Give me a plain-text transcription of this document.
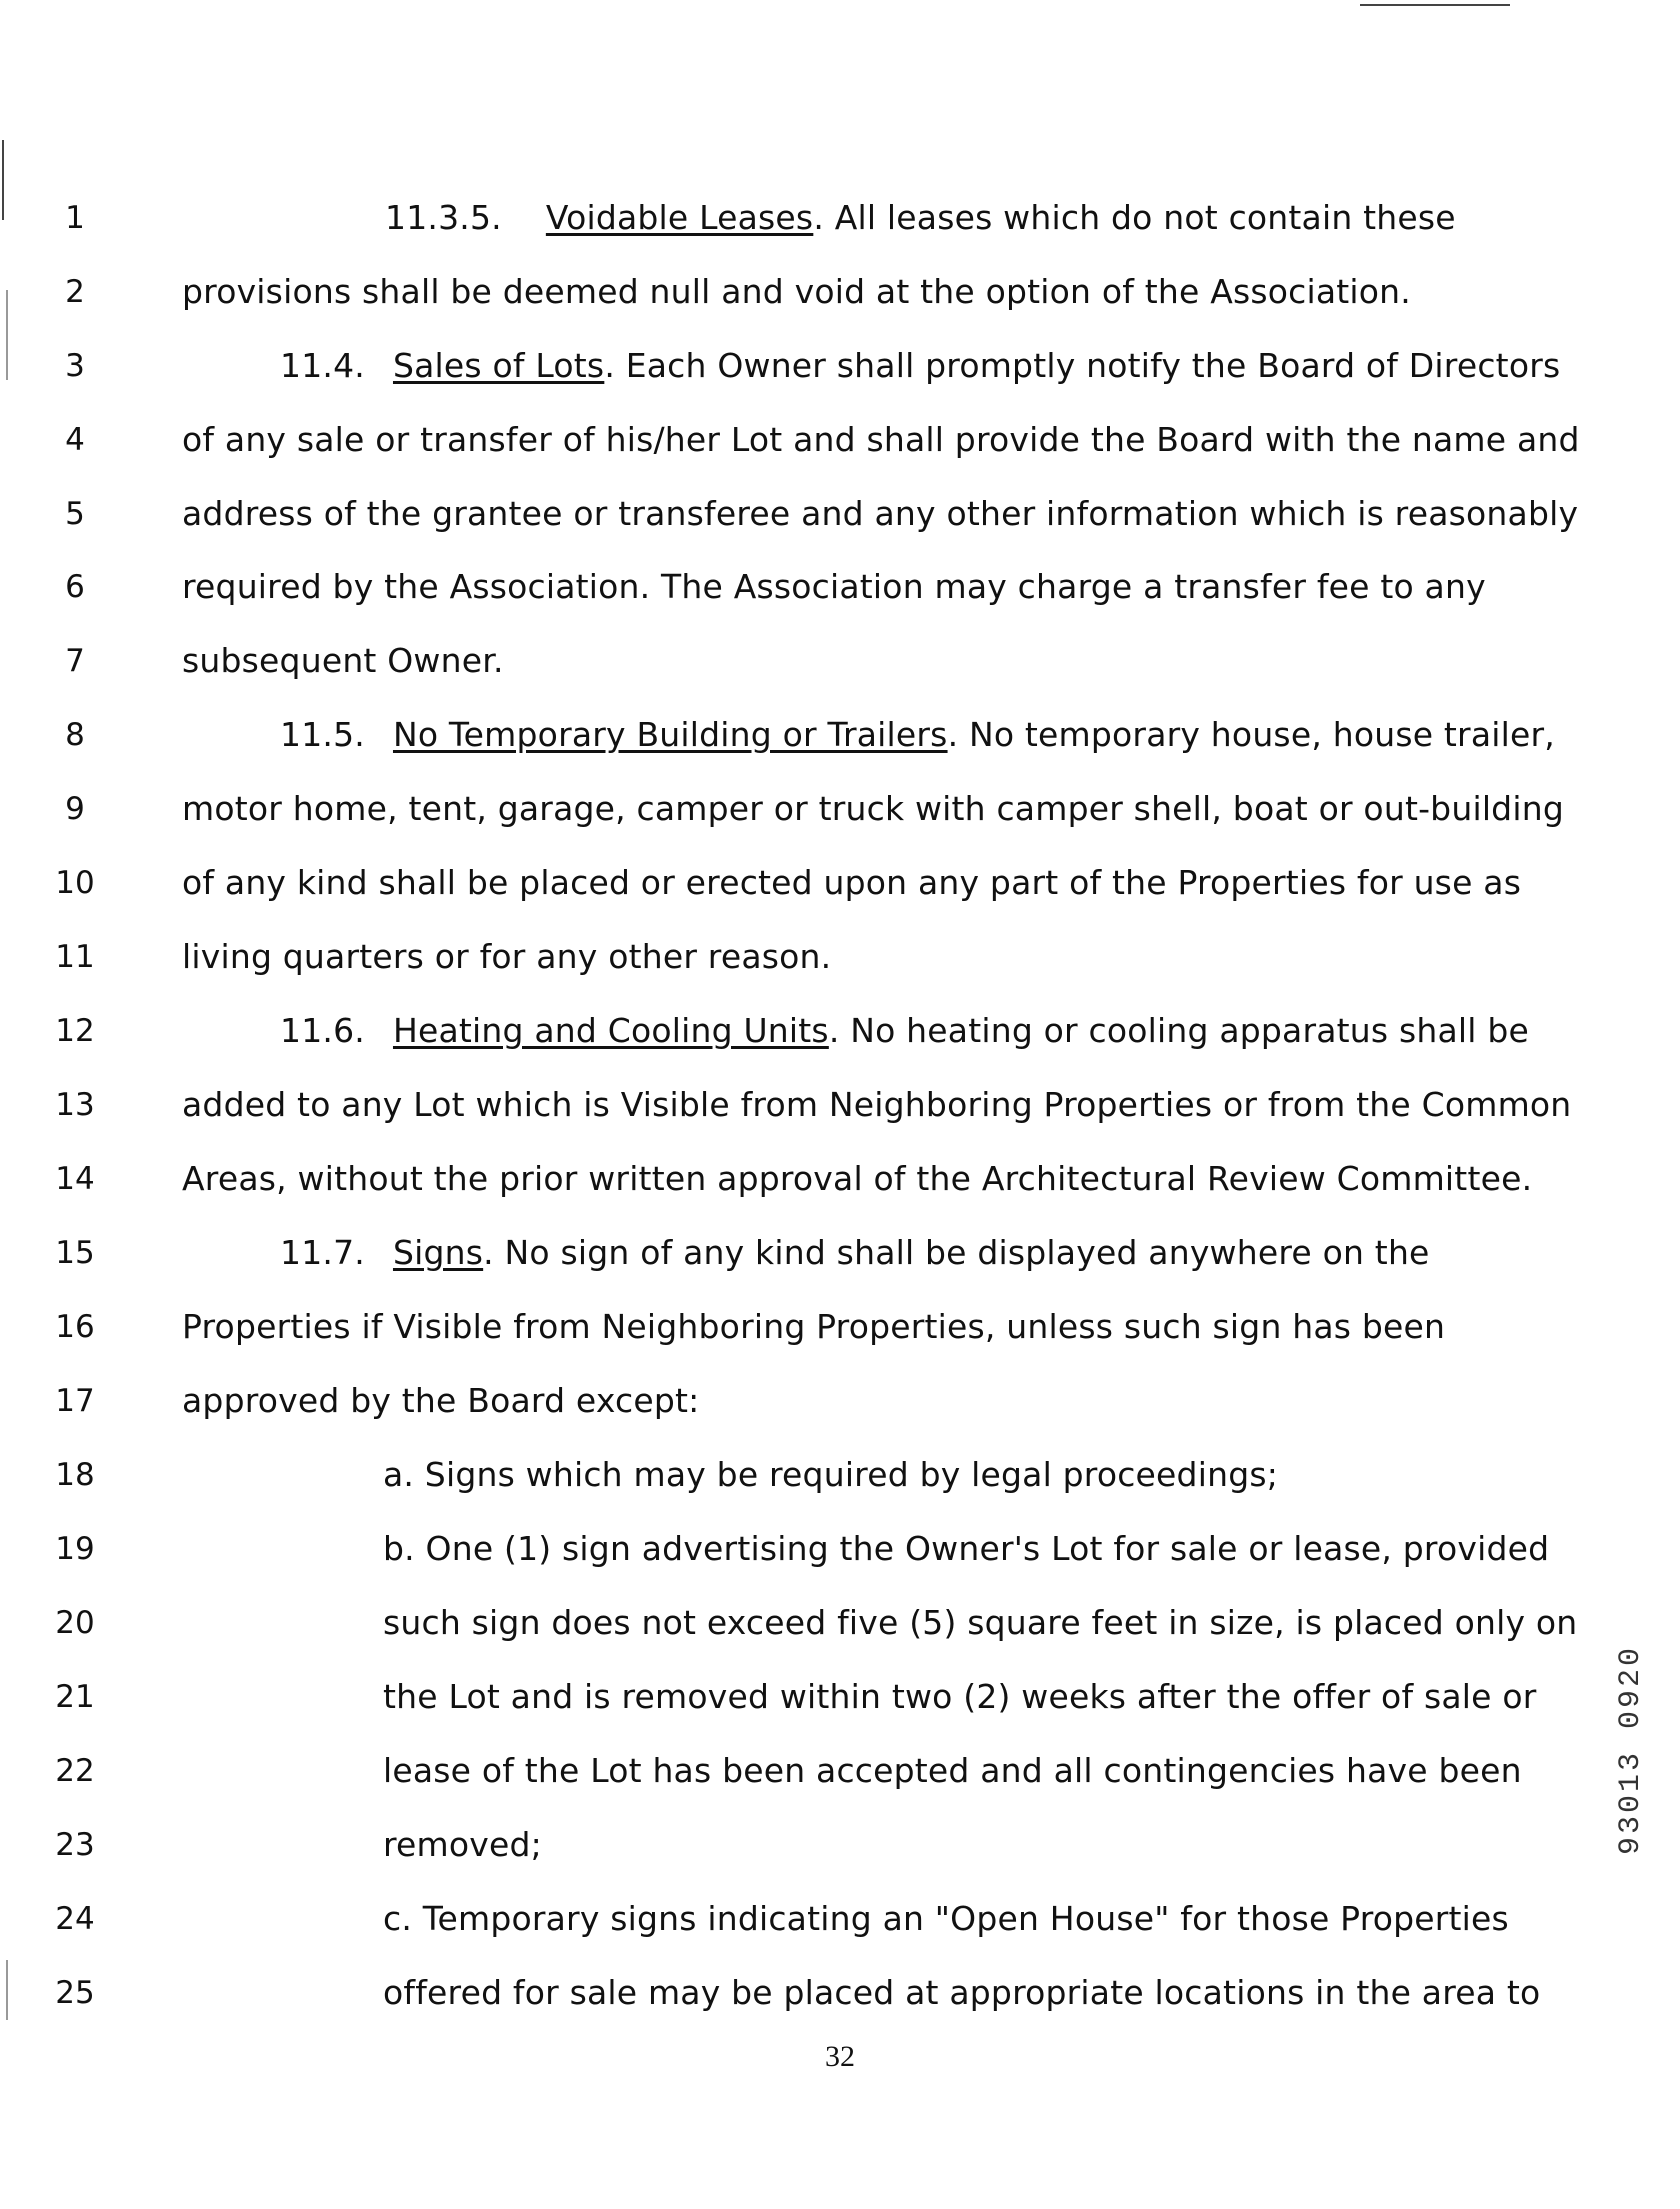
1	11.3.5. Voidable Leases. All leases which do not contain these
2	provisions shall be deemed null and void at the option of the Association.
3	11.4. Sales of Lots. Each Owner shall promptly notify the Board of Directors
4	of any sale or transfer of his/her Lot and shall provide the Board with the name and
5	address of the grantee or transferee and any other information which is reasonably
6	required by the Association. The Association may charge a transfer fee to any
7	subsequent Owner.
8	11.5. No Temporary Building or Trailers. No temporary house, house trailer,
9	motor home, tent, garage, camper or truck with camper shell, boat or out-building
10	of any kind shall be placed or erected upon any part of the Properties for use as
11	living quarters or for any other reason.
12	11.6. Heating and Cooling Units. No heating or cooling apparatus shall be
13	added to any Lot which is Visible from Neighboring Properties or from the Common
14	Areas, without the prior written approval of the Architectural Review Committee.
15	11.7. Signs. No sign of any kind shall be displayed anywhere on the
16	Properties if Visible from Neighboring Properties, unless such sign has been
17	approved by the Board except:
18	a. Signs which may be required by legal proceedings;
19	b. One (1) sign advertising the Owner's Lot for sale or lease, provided
20	such sign does not exceed five (5) square feet in size, is placed only on
21	the Lot and is removed within two (2) weeks after the offer of sale or
22	lease of the Lot has been accepted and all contingencies have been
23	removed;
24	c. Temporary signs indicating an "Open House" for those Properties
25	offered for sale may be placed at appropriate locations in the area to
32
93013 0920
